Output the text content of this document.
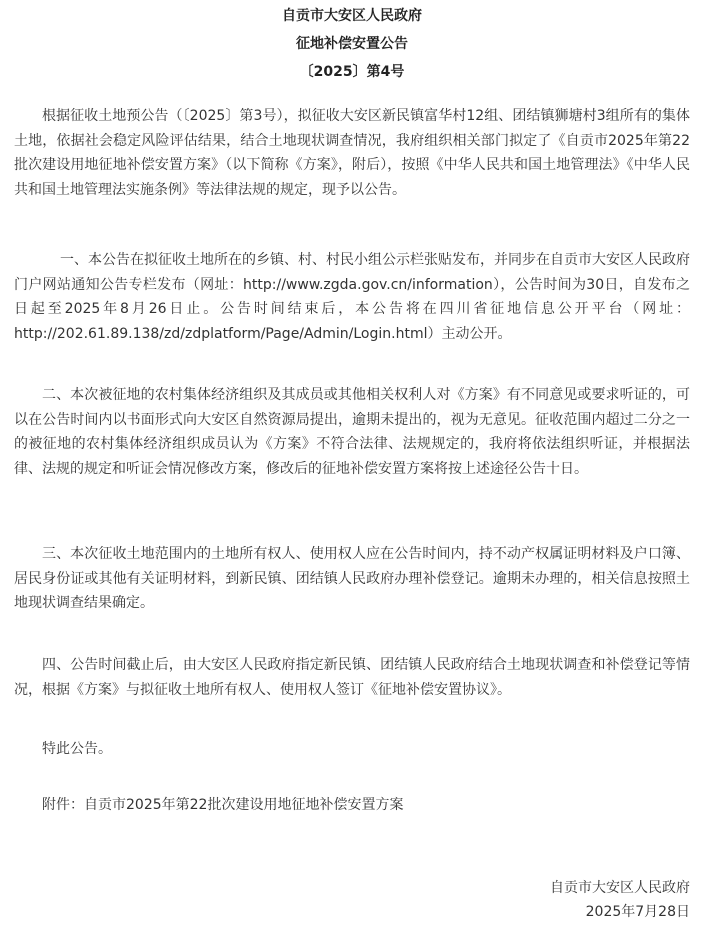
自贡市大安区人民政府
征地补偿安置公告
〔2025〕第4号

根据征收土地预公告（〔2025〕第3号），拟征收大安区新民镇富华村12组、团结镇狮塘村3组所有的集体土地，依据社会稳定风险评估结果，结合土地现状调查情况，我府组织相关部门拟定了《自贡市2025年第22批次建设用地征地补偿安置方案》（以下简称《方案》，附后），按照《中华人民共和国土地管理法》《中华人民共和国土地管理法实施条例》等法律法规的规定，现予以公告。

一、本公告在拟征收土地所在的乡镇、村、村民小组公示栏张贴发布，并同步在自贡市大安区人民政府门户网站通知公告专栏发布（网址：http://www.zgda.gov.cn/information），公告时间为30日，自发布之日起至2025年8月26日止。公告时间结束后，本公告将在四川省征地信息公开平台（网址：http://202.61.89.138/zd/zdplatform/Page/Admin/Login.html）主动公开。

二、本次被征地的农村集体经济组织及其成员或其他相关权利人对《方案》有不同意见或要求听证的，可以在公告时间内以书面形式向大安区自然资源局提出，逾期未提出的，视为无意见。征收范围内超过二分之一的被征地的农村集体经济组织成员认为《方案》不符合法律、法规规定的，我府将依法组织听证，并根据法律、法规的规定和听证会情况修改方案，修改后的征地补偿安置方案将按上述途径公告十日。

三、本次征收土地范围内的土地所有权人、使用权人应在公告时间内，持不动产权属证明材料及户口簿、居民身份证或其他有关证明材料，到新民镇、团结镇人民政府办理补偿登记。逾期未办理的，相关信息按照土地现状调查结果确定。

四、公告时间截止后，由大安区人民政府指定新民镇、团结镇人民政府结合土地现状调查和补偿登记等情况，根据《方案》与拟征收土地所有权人、使用权人签订《征地补偿安置协议》。

特此公告。

附件：自贡市2025年第22批次建设用地征地补偿安置方案

自贡市大安区人民政府
2025年7月28日
